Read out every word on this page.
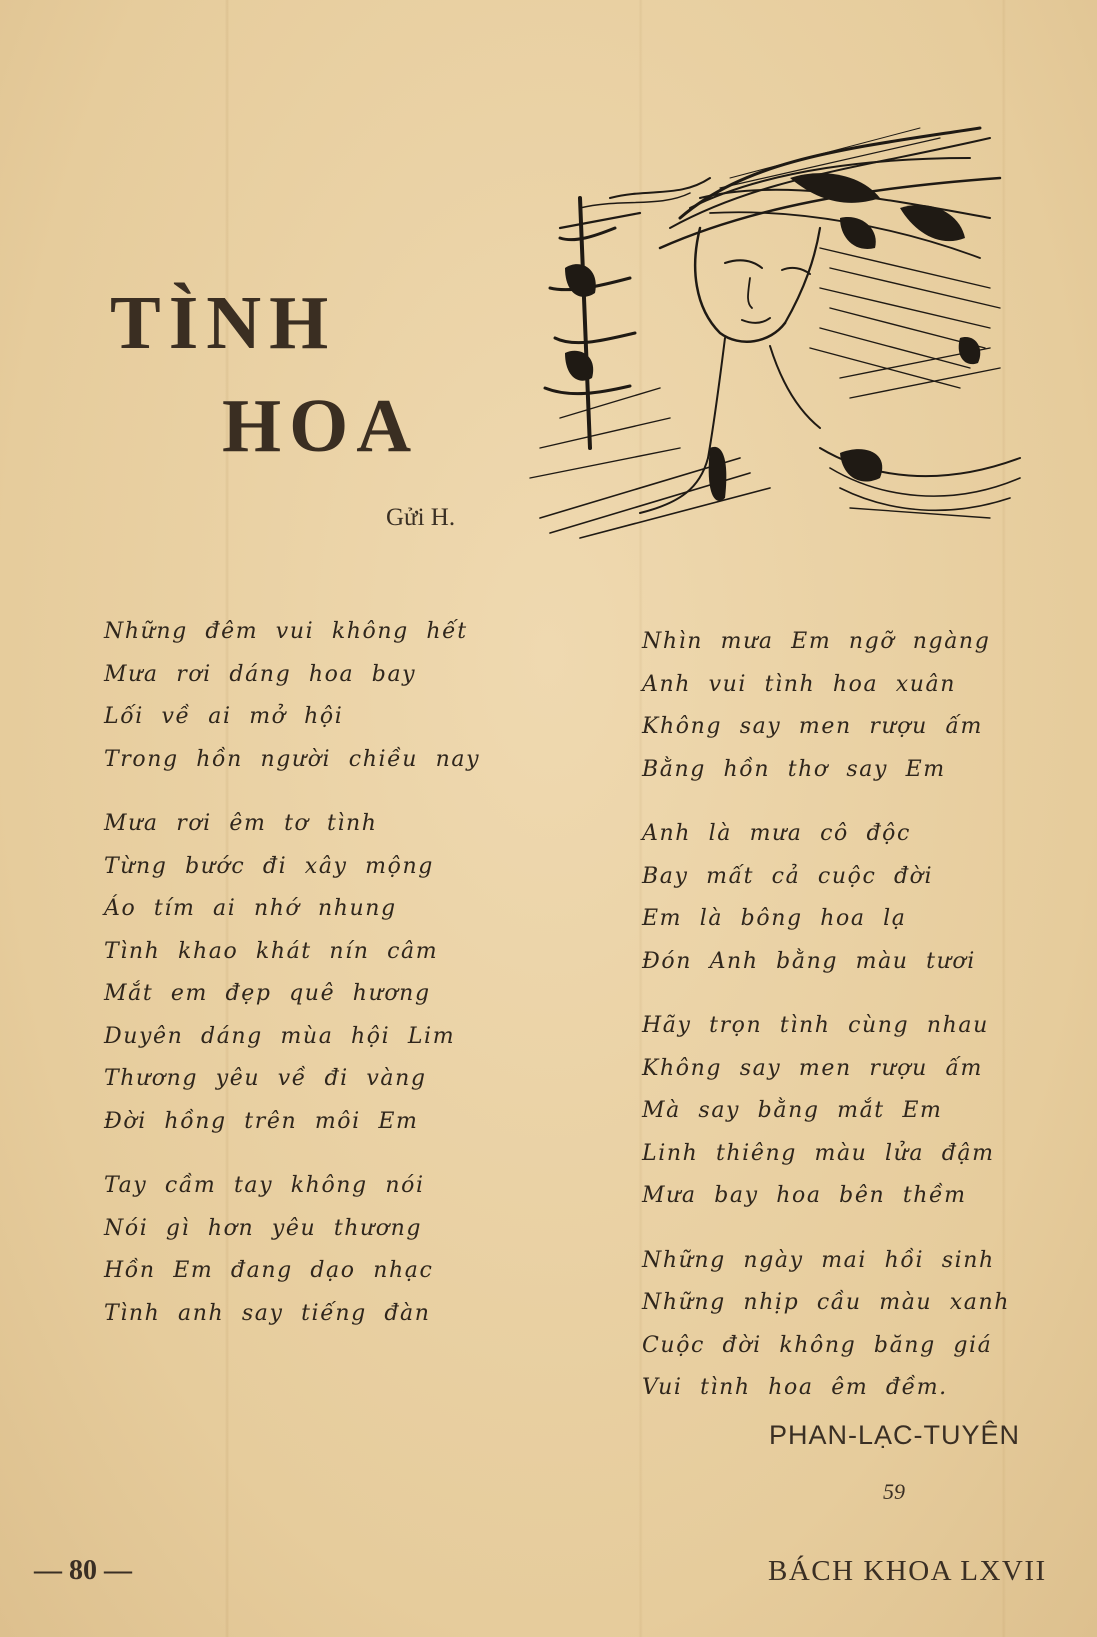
TÌNH
HOA
Gửi H.
Những đêm vui không hết
Mưa rơi dáng hoa bay
Lối về ai mở hội
Trong hồn người chiều nay
Mưa rơi êm tơ tình
Từng bước đi xây mộng
Áo tím ai nhớ nhung
Tình khao khát nín câm
Mắt em đẹp quê hương
Duyên dáng mùa hội Lim
Thương yêu về đi vàng
Đời hồng trên môi Em
Tay cầm tay không nói
Nói gì hơn yêu thương
Hồn Em đang dạo nhạc
Tình anh say tiếng đàn
Nhìn mưa Em ngỡ ngàng
Anh vui tình hoa xuân
Không say men rượu ấm
Bằng hồn thơ say Em
Anh là mưa cô độc
Bay mất cả cuộc đời
Em là bông hoa lạ
Đón Anh bằng màu tươi
Hãy trọn tình cùng nhau
Không say men rượu ấm
Mà say bằng mắt Em
Linh thiêng màu lửa đậm
Mưa bay hoa bên thềm
Những ngày mai hồi sinh
Những nhịp cầu màu xanh
Cuộc đời không băng giá
Vui tình hoa êm đềm.
PHAN-LẠC-TUYÊN
59
— 80 —	BÁCH KHOA LXVII
